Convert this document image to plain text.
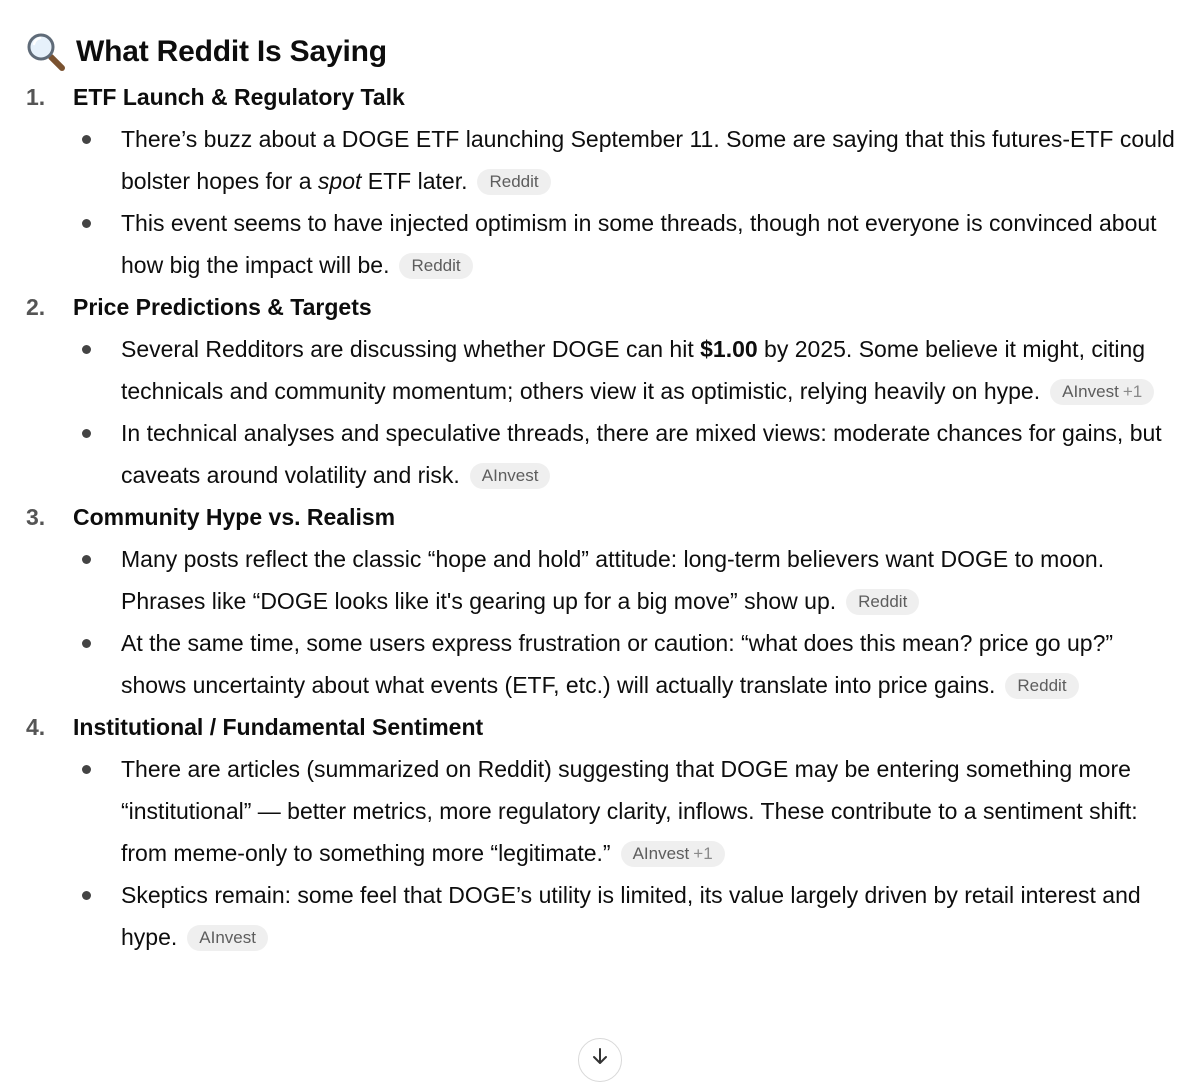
What Reddit Is Saying
1.	ETF Launch & Regulatory Talk
There’s buzz about a DOGE ETF launching September 11. Some are saying that this futures-ETF could bolster hopes for a spot ETF later. Reddit
This event seems to have injected optimism in some threads, though not everyone is convinced about how big the impact will be. Reddit
2.	Price Predictions & Targets
Several Redditors are discussing whether DOGE can hit $1.00 by 2025. Some believe it might, citing technicals and community momentum; others view it as optimistic, relying heavily on hype. AInvest +1
In technical analyses and speculative threads, there are mixed views: moderate chances for gains, but caveats around volatility and risk. AInvest
3.	Community Hype vs. Realism
Many posts reflect the classic “hope and hold” attitude: long-term believers want DOGE to moon. Phrases like “DOGE looks like it's gearing up for a big move” show up. Reddit
At the same time, some users express frustration or caution: “what does this mean? price go up?” shows uncertainty about what events (ETF, etc.) will actually translate into price gains. Reddit
4.	Institutional / Fundamental Sentiment
There are articles (summarized on Reddit) suggesting that DOGE may be entering something more “institutional” — better metrics, more regulatory clarity, inflows. These contribute to a sentiment shift: from meme-only to something more “legitimate.” AInvest +1
Skeptics remain: some feel that DOGE’s utility is limited, its value largely driven by retail interest and hype. AInvest
